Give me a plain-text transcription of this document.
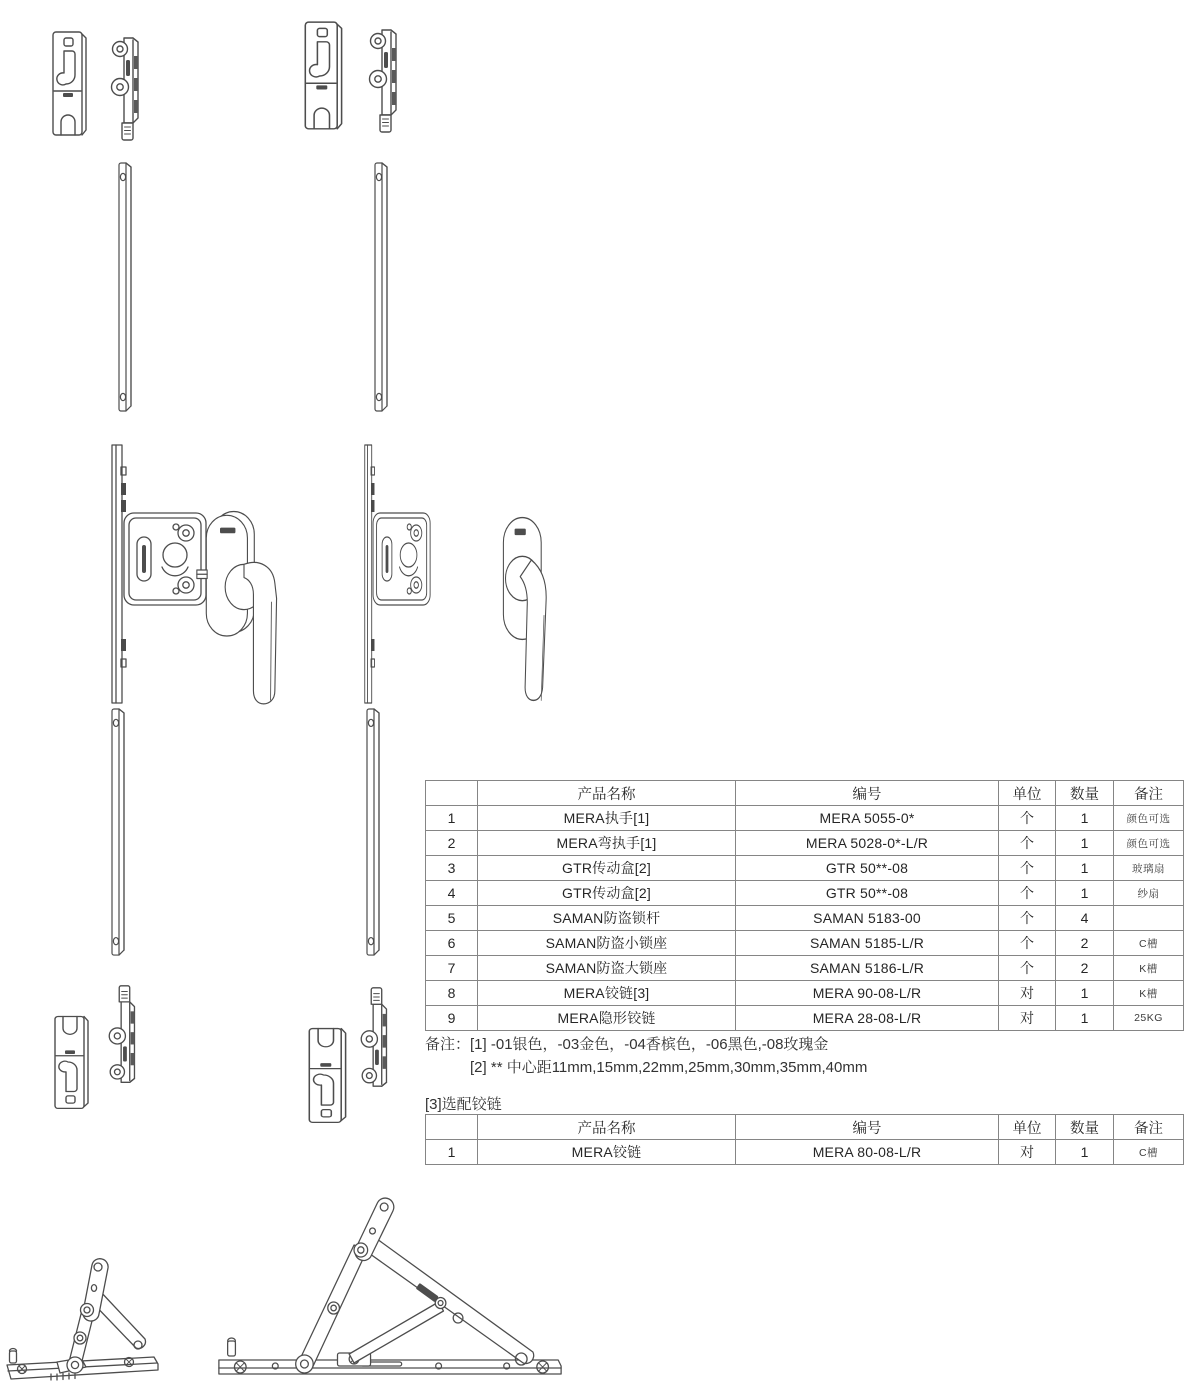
	产品名称	编号	单位	数量	备注
1	MERA执手[1]	MERA 5055-0*	个	1	颜色可选
2	MERA弯执手[1]	MERA 5028-0*-L/R	个	1	颜色可选
3	GTR传动盒[2]	GTR 50**-08	个	1	玻璃扇
4	GTR传动盒[2]	GTR 50**-08	个	1	纱扇
5	SAMAN防盗锁杆	SAMAN 5183-00	个	4	
6	SAMAN防盗小锁座	SAMAN 5185-L/R	个	2	C槽
7	SAMAN防盗大锁座	SAMAN 5186-L/R	个	2	K槽
8	MERA铰链[3]	MERA 90-08-L/R	对	1	K槽
9	MERA隐形铰链	MERA 28-08-L/R	对	1	25KG
备注： [1] -01银色，-03金色，-04香槟色，-06黑色,-08玫瑰金
[2] ** 中心距11mm,15mm,22mm,25mm,30mm,35mm,40mm
[3]选配铰链
	产品名称	编号	单位	数量	备注
1	MERA铰链	MERA 80-08-L/R	对	1	C槽
